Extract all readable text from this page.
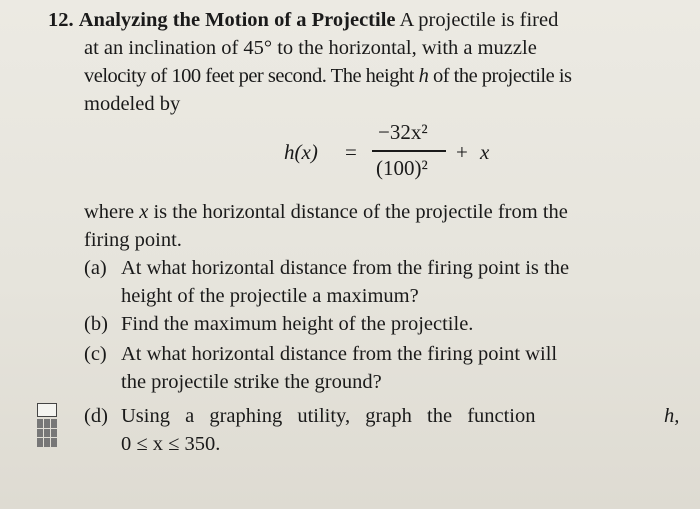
12. Analyzing the Motion of a Projectile A projectile is fired
at an inclination of 45° to the horizontal, with a muzzle
velocity of 100 feet per second. The height h of the projectile is
modeled by
h(x) =
−32x²
(100)²
+ x
where x is the horizontal distance of the projectile from the
firing point.
(a) At what horizontal distance from the firing point is the
height of the projectile a maximum?
(b) Find the maximum height of the projectile.
(c) At what horizontal distance from the firing point will
the projectile strike the ground?
(d) Using a graphing utility, graph the function	h,
0 ≤ x ≤ 350.
